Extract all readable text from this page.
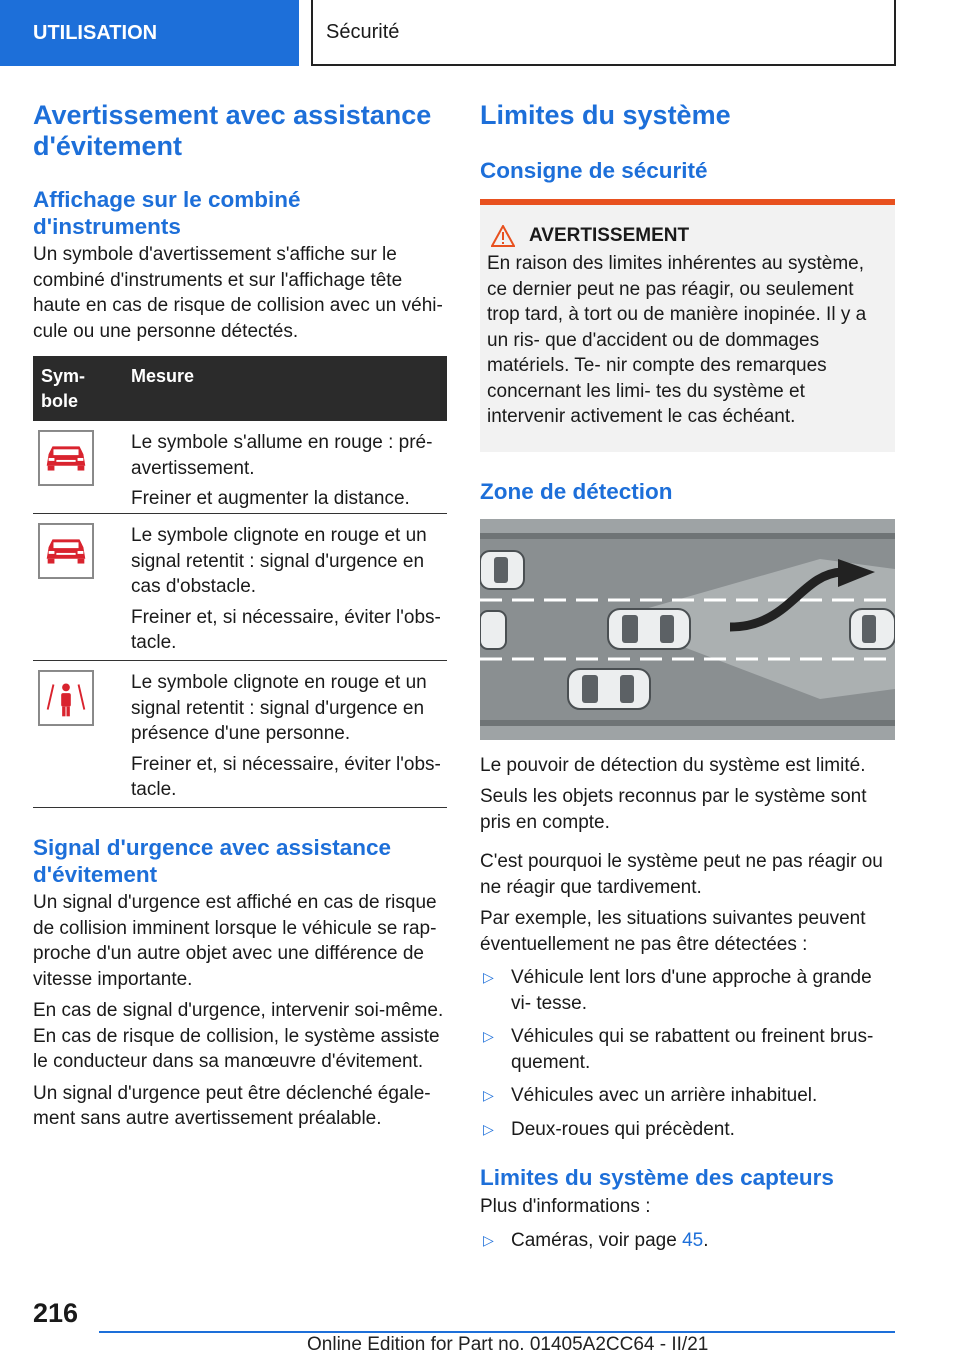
UTILISATION	Sécurité
Avertissement avec assistance d'évitement
Affichage sur le combiné d'instruments

Un symbole d'avertissement s'affiche sur le combiné d'instruments et sur l'affichage tête haute en cas de risque de collision avec un véhicule ou une personne détectés.

Sym‐ bole
Mesure

Le symbole s'allume en rouge : pré‐ avertissement.

Freiner et augmenter la distance.

Le symbole clignote en rouge et un signal retentit : signal d'urgence en cas d'obstacle.

Freiner et, si nécessaire, éviter l'obs‐ tacle.

Le symbole clignote en rouge et un signal retentit : signal d'urgence en présence d'une personne.

Freiner et, si nécessaire, éviter l'obs‐ tacle.

Signal d'urgence avec assistance d'évitement

Un signal d'urgence est affiché en cas de risque de collision imminent lorsque le véhicule se rap‐ proche d'un autre objet avec une différence de vitesse importante.

En cas de signal d'urgence, intervenir soi-même. En cas de risque de collision, le système assiste le conducteur dans sa manœuvre d'évitement.

Un signal d'urgence peut être déclenché égale‐ ment sans autre avertissement préalable.

Limites du système
Consigne de sécurité
AVERTISSEMENT

En raison des limites inhérentes au système, ce dernier peut ne pas réagir, ou seulement trop tard, à tort ou de manière inopinée. Il y a un ris‐ que d'accident ou de dommages matériels. Te‐ nir compte des remarques concernant les limi‐ tes du système et intervenir activement le cas échéant.

Zone de détection

Le pouvoir de détection du système est limité.

Seuls les objets reconnus par le système sont pris en compte.

C'est pourquoi le système peut ne pas réagir ou ne réagir que tardivement.

Par exemple, les situations suivantes peuvent éventuellement ne pas être détectées :

▷ Véhicule lent lors d'une approche à grande vi‐ tesse.
▷ Véhicules qui se rabattent ou freinent brus‐ quement.
▷ Véhicules avec un arrière inhabituel.
▷ Deux-roues qui précèdent.
Limites du système des capteurs

Plus d'informations :

▷ Caméras, voir page 45.
216
Online Edition for Part no. 01405A2CC64 - II/21
